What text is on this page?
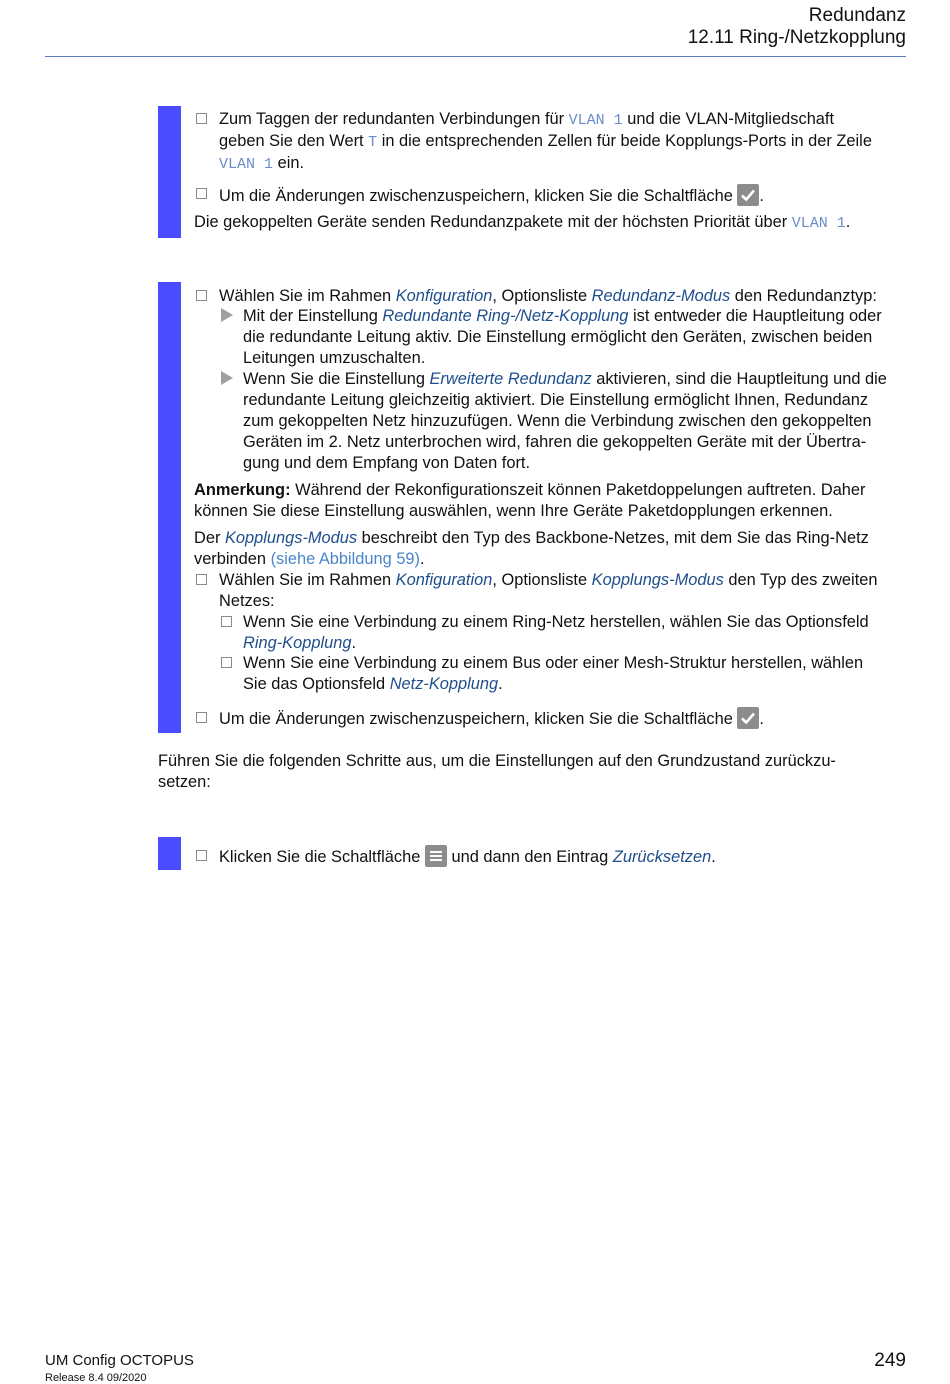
Redundanz
12.11 Ring-/Netzkopplung
Zum Taggen der redundanten Verbindungen für VLAN 1 und die VLAN-Mitgliedschaft
geben Sie den Wert T in die entsprechenden Zellen für beide Kopplungs-Ports in der Zeile
VLAN 1 ein.
Um die Änderungen zwischenzuspeichern, klicken Sie die Schaltfläche .
Die gekoppelten Geräte senden Redundanzpakete mit der höchsten Priorität über VLAN 1.
Wählen Sie im Rahmen Konfiguration, Optionsliste Redundanz-Modus den Redundanztyp:
Mit der Einstellung Redundante Ring-/Netz-Kopplung ist entweder die Hauptleitung oder
die redundante Leitung aktiv. Die Einstellung ermöglicht den Geräten, zwischen beiden
Leitungen umzuschalten.
Wenn Sie die Einstellung Erweiterte Redundanz aktivieren, sind die Hauptleitung und die
redundante Leitung gleichzeitig aktiviert. Die Einstellung ermöglicht Ihnen, Redundanz
zum gekoppelten Netz hinzuzufügen. Wenn die Verbindung zwischen den gekoppelten
Geräten im 2. Netz unterbrochen wird, fahren die gekoppelten Geräte mit der Übertra-
gung und dem Empfang von Daten fort.
Anmerkung: Während der Rekonfigurationszeit können Paketdoppelungen auftreten. Daher
können Sie diese Einstellung auswählen, wenn Ihre Geräte Paketdopplungen erkennen.
Der Kopplungs-Modus beschreibt den Typ des Backbone-Netzes, mit dem Sie das Ring-Netz
verbinden (siehe Abbildung 59).
Wählen Sie im Rahmen Konfiguration, Optionsliste Kopplungs-Modus den Typ des zweiten
Netzes:
Wenn Sie eine Verbindung zu einem Ring-Netz herstellen, wählen Sie das Optionsfeld
Ring-Kopplung.
Wenn Sie eine Verbindung zu einem Bus oder einer Mesh-Struktur herstellen, wählen
Sie das Optionsfeld Netz-Kopplung.
Um die Änderungen zwischenzuspeichern, klicken Sie die Schaltfläche .
Führen Sie die folgenden Schritte aus, um die Einstellungen auf den Grundzustand zurückzu-
setzen:
Klicken Sie die Schaltfläche und dann den Eintrag Zurücksetzen.
UM Config OCTOPUS
Release 8.4 09/2020
249
